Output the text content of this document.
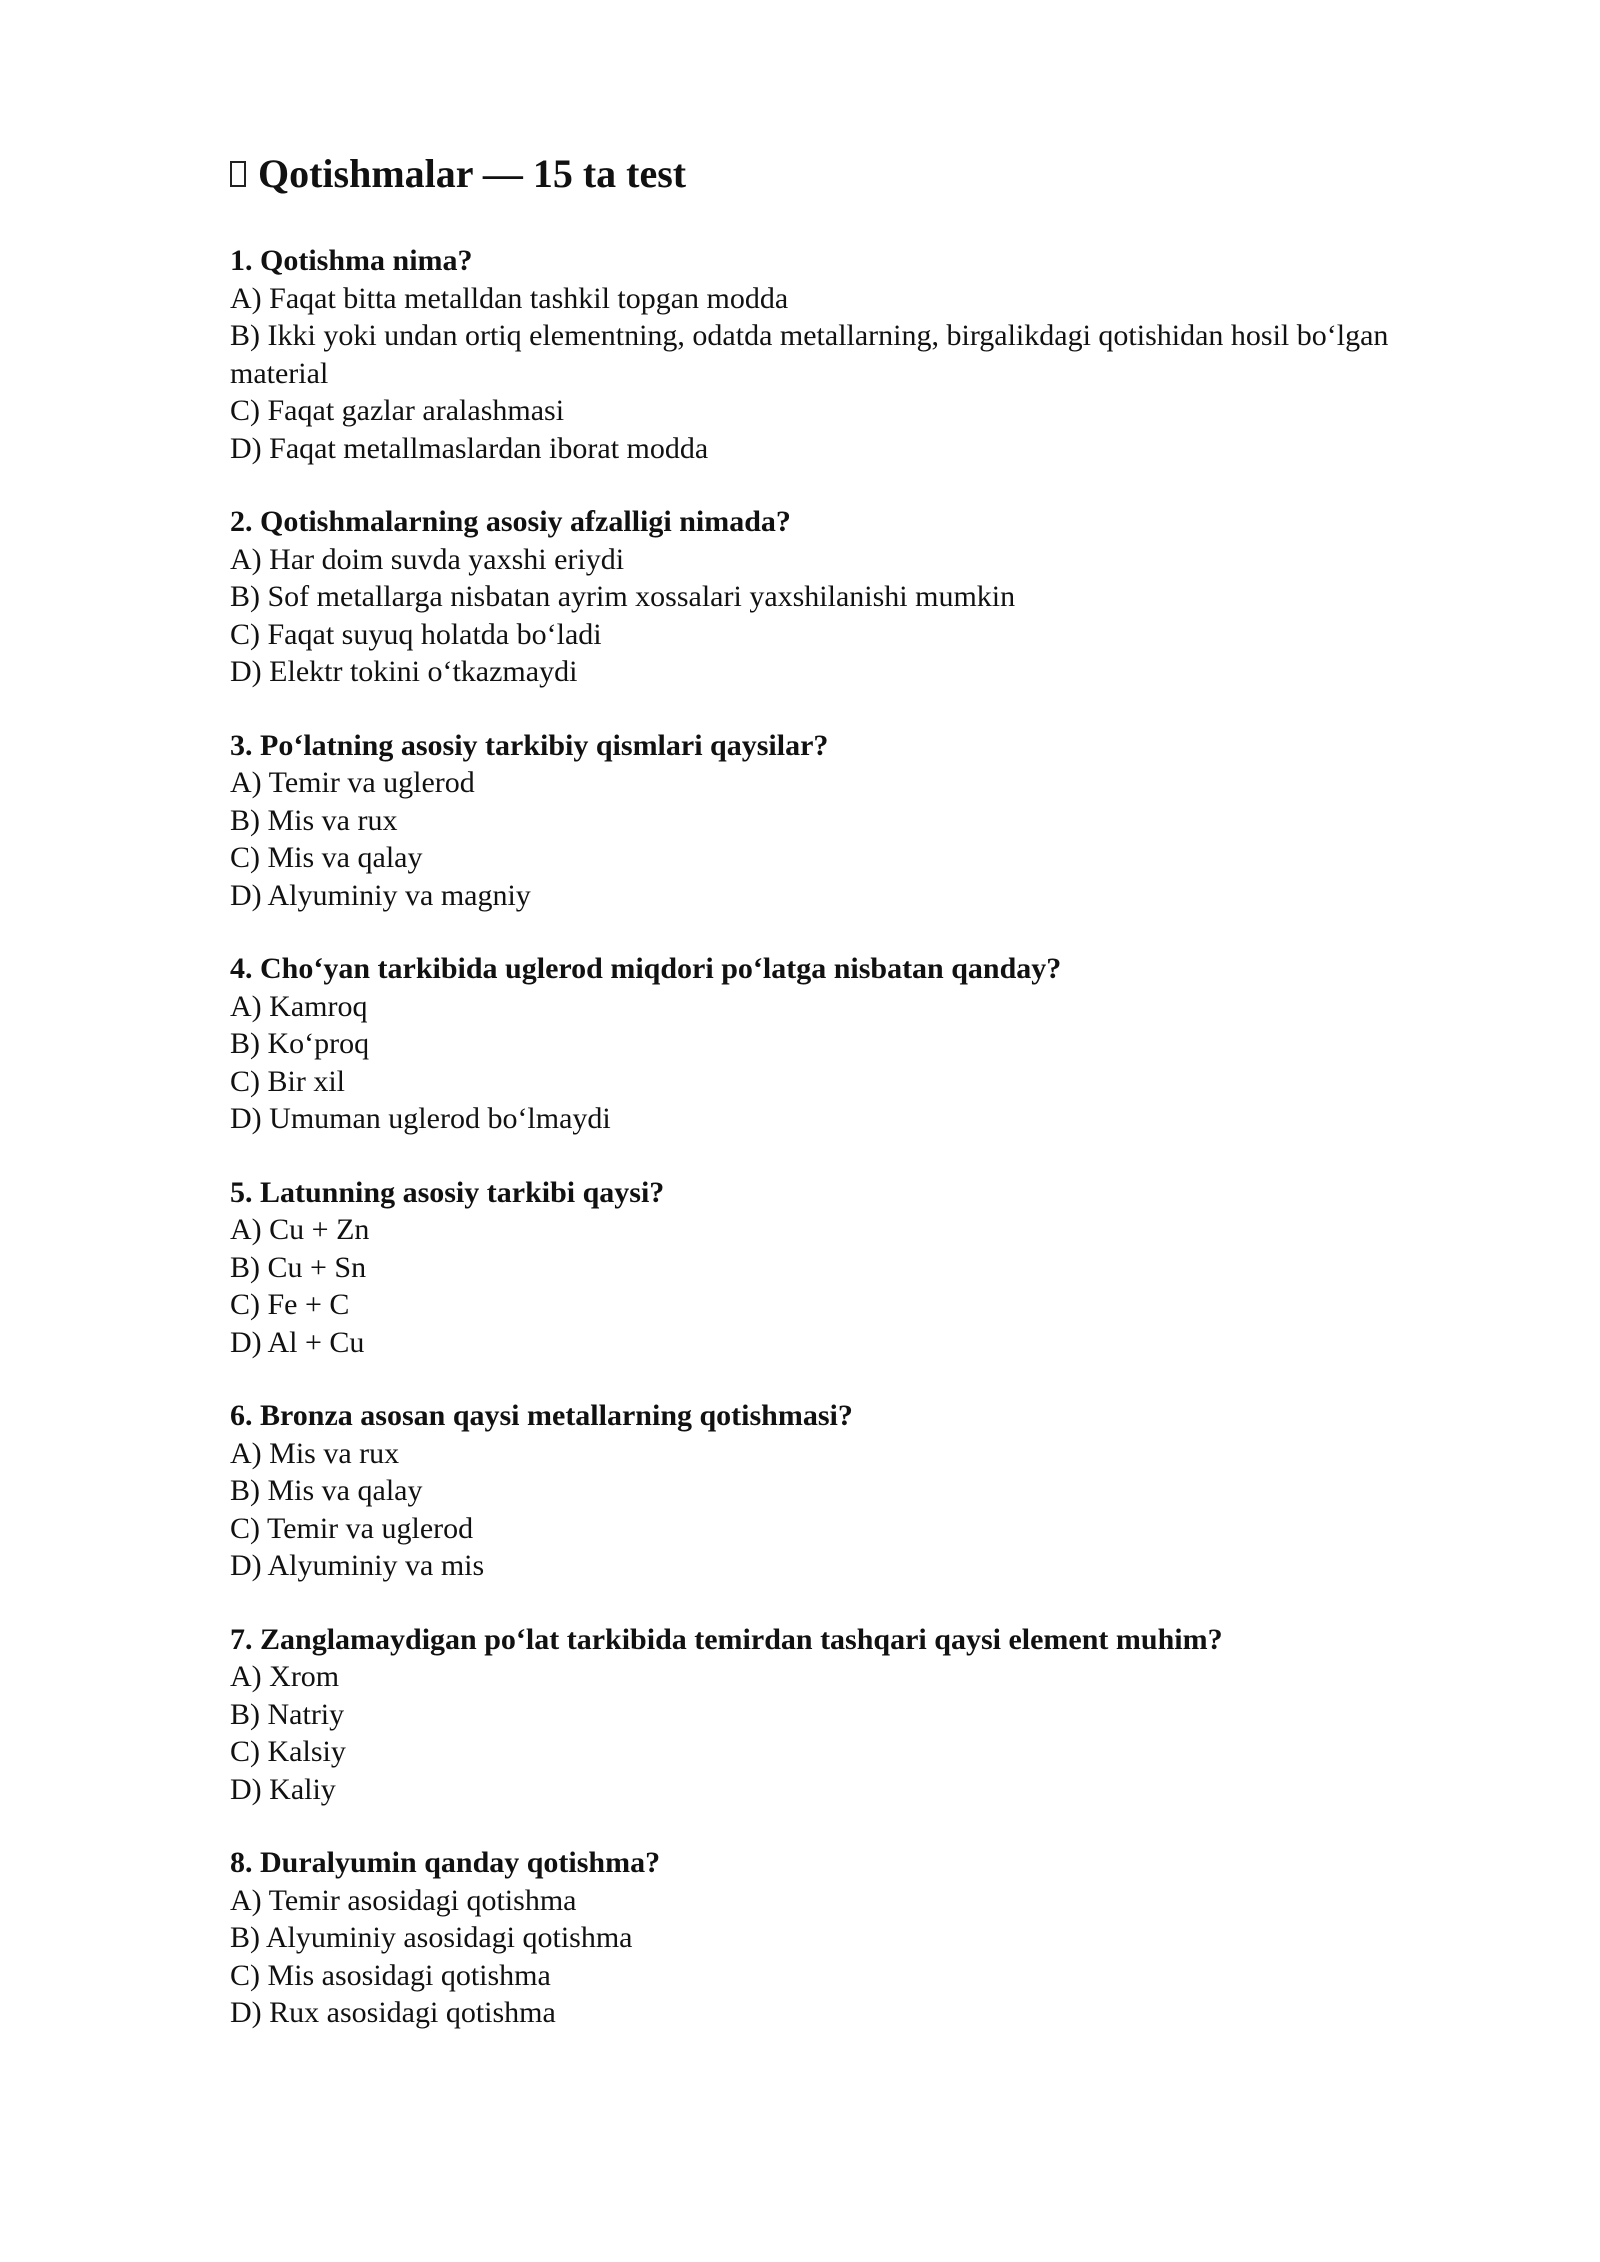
Qotishmalar — 15 ta test

1. Qotishma nima?

A) Faqat bitta metalldan tashkil topgan modda

B) Ikki yoki undan ortiq elementning, odatda metallarning, birgalikdagi qotishidan hosil bo‘lgan material

C) Faqat gazlar aralashmasi

D) Faqat metallmaslardan iborat modda

2. Qotishmalarning asosiy afzalligi nimada?

A) Har doim suvda yaxshi eriydi

B) Sof metallarga nisbatan ayrim xossalari yaxshilanishi mumkin

C) Faqat suyuq holatda bo‘ladi

D) Elektr tokini o‘tkazmaydi

3. Po‘latning asosiy tarkibiy qismlari qaysilar?

A) Temir va uglerod

B) Mis va rux

C) Mis va qalay

D) Alyuminiy va magniy

4. Cho‘yan tarkibida uglerod miqdori po‘latga nisbatan qanday?

A) Kamroq

B) Ko‘proq

C) Bir xil

D) Umuman uglerod bo‘lmaydi

5. Latunning asosiy tarkibi qaysi?

A) Cu + Zn

B) Cu + Sn

C) Fe + C

D) Al + Cu

6. Bronza asosan qaysi metallarning qotishmasi?

A) Mis va rux

B) Mis va qalay

C) Temir va uglerod

D) Alyuminiy va mis

7. Zanglamaydigan po‘lat tarkibida temirdan tashqari qaysi element muhim?

A) Xrom

B) Natriy

C) Kalsiy

D) Kaliy

8. Duralyumin qanday qotishma?

A) Temir asosidagi qotishma

B) Alyuminiy asosidagi qotishma

C) Mis asosidagi qotishma

D) Rux asosidagi qotishma
